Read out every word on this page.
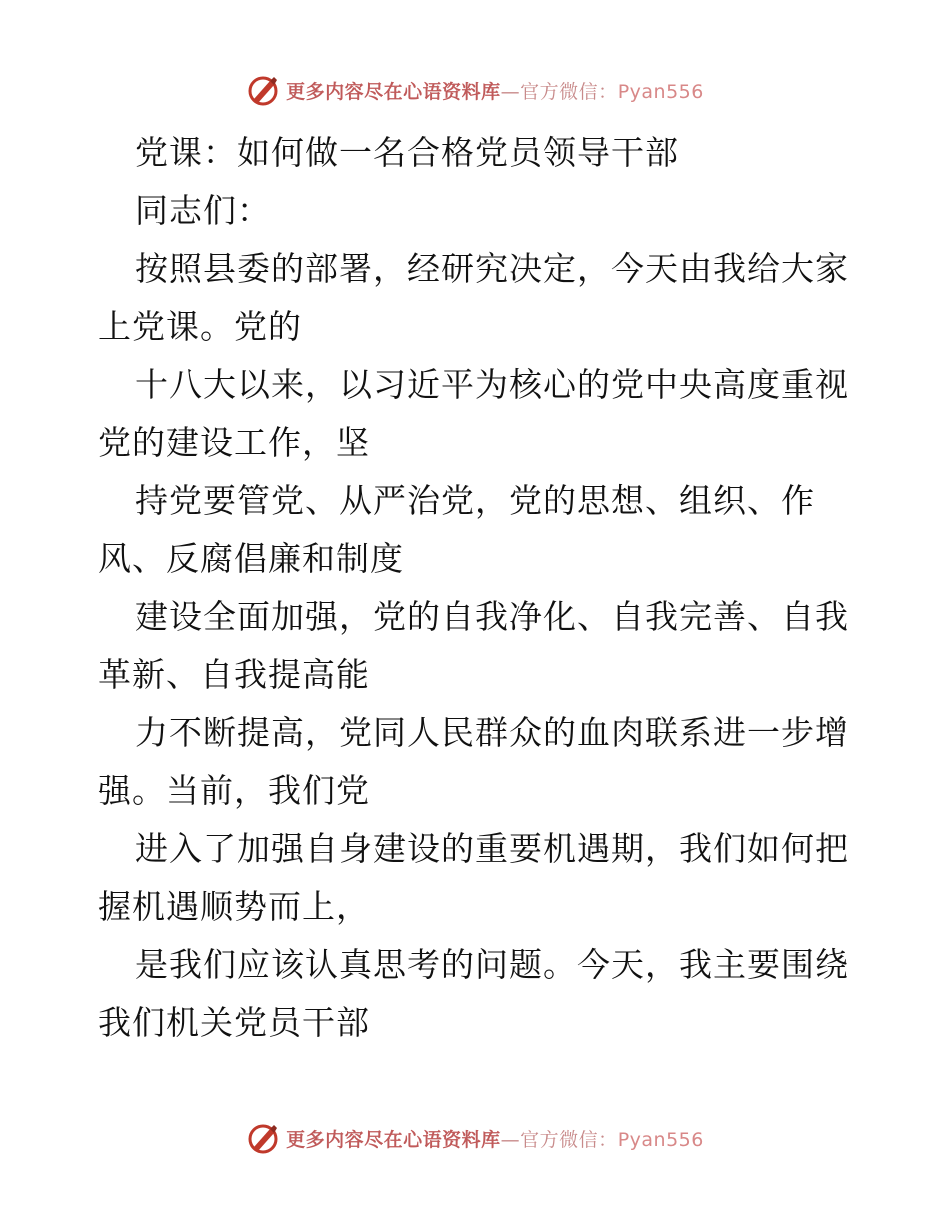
更多内容尽在心语资料库—官方微信：Pyan556
党课：如何做一名合格党员领导干部
同志们：
按照县委的部署，经研究决定，今天由我给大家
上党课。党的
十八大以来，以习近平为核心的党中央高度重视
党的建设工作，坚
持党要管党、从严治党，党的思想、组织、作
风、反腐倡廉和制度
建设全面加强，党的自我净化、自我完善、自我
革新、自我提高能
力不断提高，党同人民群众的血肉联系进一步增
强。当前，我们党
进入了加强自身建设的重要机遇期，我们如何把
握机遇顺势而上，
是我们应该认真思考的问题。今天，我主要围绕
我们机关党员干部
更多内容尽在心语资料库—官方微信：Pyan556
